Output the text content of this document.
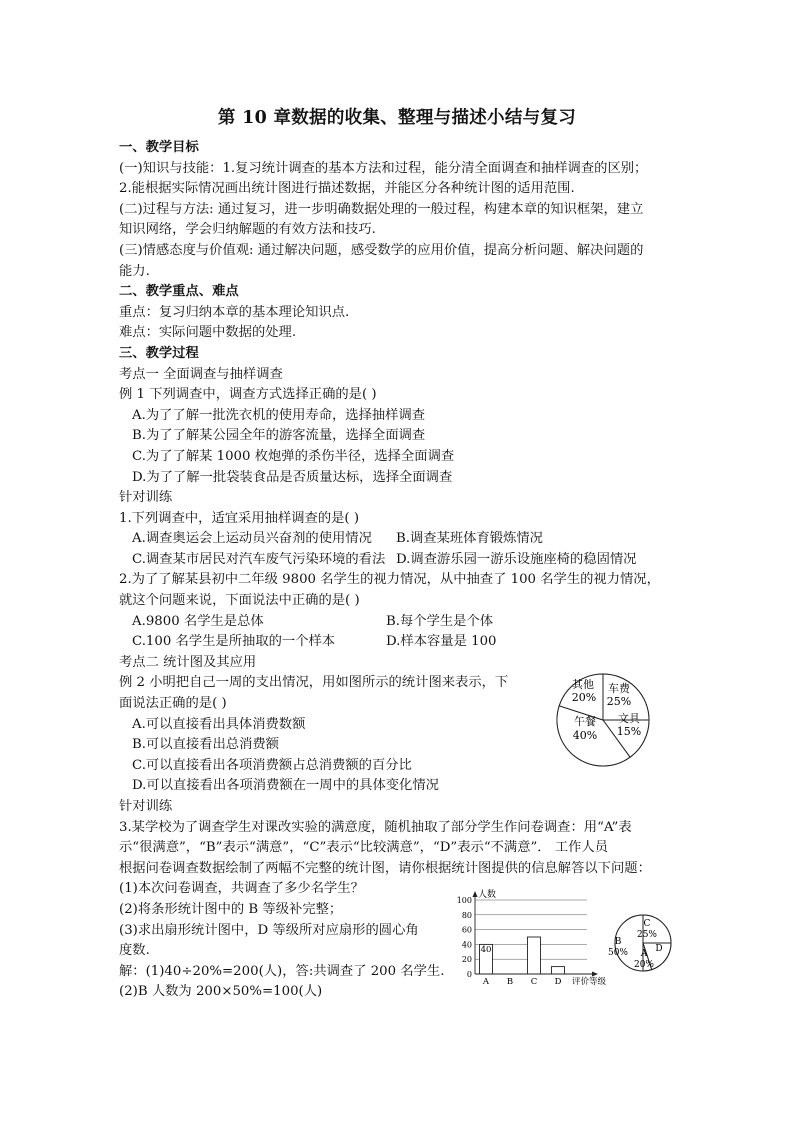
第 10 章数据的收集、整理与描述小结与复习
一、教学目标
(一)知识与技能：1.复习统计调查的基本方法和过程，能分清全面调查和抽样调查的区别；
2.能根据实际情况画出统计图进行描述数据，并能区分各种统计图的适用范围.
(二)过程与方法: 通过复习，进一步明确数据处理的一般过程，构建本章的知识框架，建立
知识网络，学会归纳解题的有效方法和技巧.
(三)情感态度与价值观: 通过解决问题，感受数学的应用价值，提高分析问题、解决问题的
能力.
二、教学重点、难点
重点：复习归纳本章的基本理论知识点.
难点：实际问题中数据的处理.
三、教学过程
考点一 全面调查与抽样调查
例 1 下列调查中，调查方式选择正确的是( )
A.为了了解一批洗衣机的使用寿命，选择抽样调查
B.为了了解某公园全年的游客流量，选择全面调查
C.为了了解某 1000 枚炮弹的杀伤半径，选择全面调查
D.为了了解一批袋装食品是否质量达标，选择全面调查
针对训练
1.下列调查中，适宜采用抽样调查的是( )
A.调查奥运会上运动员兴奋剂的使用情况	B.调查某班体育锻炼情况
C.调查某市居民对汽车废气污染环境的看法 D.调查游乐园一游乐设施座椅的稳固情况
2.为了了解某县初中二年级 9800 名学生的视力情况，从中抽查了 100 名学生的视力情况，
就这个问题来说，下面说法中正确的是( )
A.9800 名学生是总体	B.每个学生是个体
C.100 名学生是所抽取的一个样本	D.样本容量是 100
考点二 统计图及其应用
例 2 小明把自己一周的支出情况，用如图所示的统计图来表示，下
面说法正确的是( )
A.可以直接看出具体消费数额
B.可以直接看出总消费额
C.可以直接看出各项消费额占总消费额的百分比
D.可以直接看出各项消费额在一周中的具体变化情况
针对训练
3.某学校为了调查学生对课改实验的满意度，随机抽取了部分学生作问卷调查：用“A”表
示“很满意”，“B”表示“满意”，“C”表示“比较满意”，“D”表示“不满意”． 工作人员
根据问卷调查数据绘制了两幅不完整的统计图，请你根据统计图提供的信息解答以下问题：
(1)本次问卷调查，共调查了多少名学生？
(2)将条形统计图中的 B 等级补完整；
(3)求出扇形统计图中，D 等级所对应扇形的圆心角
度数.
解：(1)40÷20%=200(人)，答:共调查了 200 名学生.
(2)B 人数为 200×50%=100(人)
其他
20%
车费
25%
文具
15%
午餐
40%
0
20
40
60
80
100
A B C D
人数
评价等级
40
C
25%
B
50% A
20%
D
